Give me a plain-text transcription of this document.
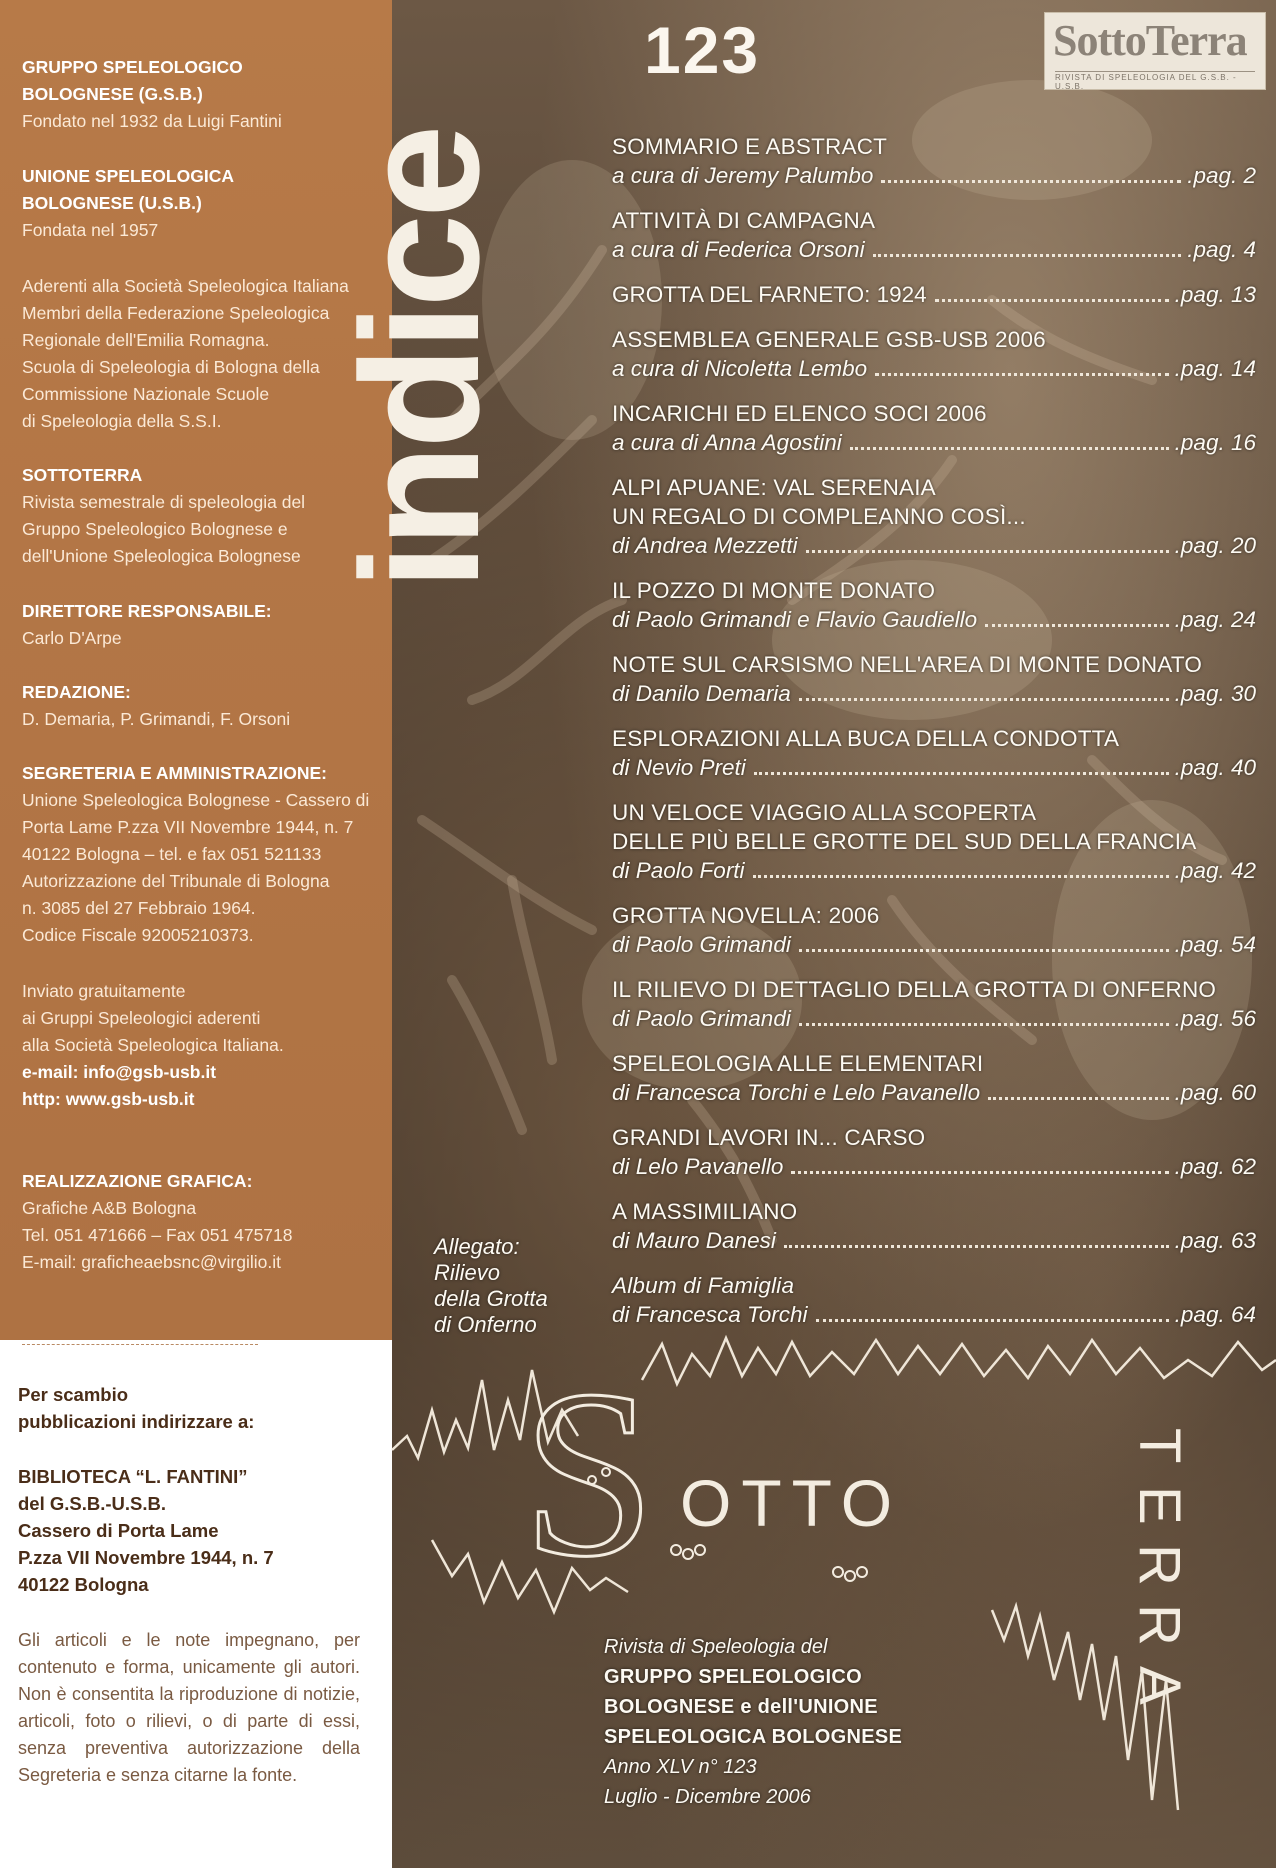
GRUPPO SPELEOLOGICO

BOLOGNESE (G.S.B.)

Fondato nel 1932 da Luigi Fantini

UNIONE SPELEOLOGICA

BOLOGNESE (U.S.B.)

Fondata nel 1957

Aderenti alla Società Speleologica Italiana

Membri della Federazione Speleologica

Regionale dell'Emilia Romagna.

Scuola di Speleologia di Bologna della

Commissione Nazionale Scuole

di Speleologia della S.S.I.

SOTTOTERRA

Rivista semestrale di speleologia del

Gruppo Speleologico Bolognese e

dell'Unione Speleologica Bolognese

DIRETTORE RESPONSABILE:

Carlo D'Arpe

REDAZIONE:

D. Demaria, P. Grimandi, F. Orsoni

SEGRETERIA E AMMINISTRAZIONE:

Unione Speleologica Bolognese - Cassero di

Porta Lame P.zza VII Novembre 1944, n. 7

40122 Bologna – tel. e fax 051 521133

Autorizzazione del Tribunale di Bologna

n. 3085 del 27 Febbraio 1964.

Codice Fiscale 92005210373.

Inviato gratuitamente

ai Gruppi Speleologici aderenti

alla Società Speleologica Italiana.

e-mail: info@gsb-usb.it

http: www.gsb-usb.it

REALIZZAZIONE GRAFICA:

Grafiche A&B Bologna

Tel. 051 471666 – Fax 051 475718

E-mail: graficheaebsnc@virgilio.it

Per scambio

pubblicazioni indirizzare a:

BIBLIOTECA “L. FANTINI”

del G.S.B.-U.S.B.

Cassero di Porta Lame

P.zza VII Novembre 1944, n. 7

40122 Bologna

Gli articoli e le note impegnano, per contenuto e forma, unicamente gli autori. Non è consentita la riproduzione di notizie, articoli, foto o rilievi, o di parte di essi, senza preventiva autorizzazione della Segreteria e senza citarne la fonte.

indice
123	SottoTerra
RIVISTA DI SPELEOLOGIA DEL G.S.B. - U.S.B.
SOMMARIO E ABSTRACT
a cura di Jeremy Palumbo	.pag. 2
ATTIVITÀ DI CAMPAGNA
a cura di Federica Orsoni	.pag. 4
GROTTA DEL FARNETO: 1924	.pag. 13
ASSEMBLEA GENERALE GSB-USB 2006
a cura di Nicoletta Lembo	.pag. 14
INCARICHI ED ELENCO SOCI 2006
a cura di Anna Agostini	.pag. 16
ALPI APUANE: VAL SERENAIA
UN REGALO DI COMPLEANNO COSÌ...
di Andrea Mezzetti	.pag. 20
IL POZZO DI MONTE DONATO
di Paolo Grimandi e Flavio Gaudiello	.pag. 24
NOTE SUL CARSISMO NELL'AREA DI MONTE DONATO
di Danilo Demaria	.pag. 30
ESPLORAZIONI ALLA BUCA DELLA CONDOTTA
di Nevio Preti	.pag. 40
UN VELOCE VIAGGIO ALLA SCOPERTA
DELLE PIÙ BELLE GROTTE DEL SUD DELLA FRANCIA
di Paolo Forti	.pag. 42
GROTTA NOVELLA: 2006
di Paolo Grimandi	.pag. 54
IL RILIEVO DI DETTAGLIO DELLA GROTTA DI ONFERNO
di Paolo Grimandi	.pag. 56
SPELEOLOGIA ALLE ELEMENTARI
di Francesca Torchi e Lelo Pavanello	.pag. 60
GRANDI LAVORI IN... CARSO
di Lelo Pavanello	.pag. 62
A MASSIMILIANO
di Mauro Danesi	.pag. 63
Album di Famiglia
di Francesca Torchi	.pag. 64
Allegato:
Rilievo
della Grotta
di Onferno
S OTTO
T
E
R
R
A
Rivista di Speleologia del
GRUPPO SPELEOLOGICO
BOLOGNESE e dell'UNIONE
SPELEOLOGICA BOLOGNESE
Anno XLV n° 123
Luglio - Dicembre 2006
